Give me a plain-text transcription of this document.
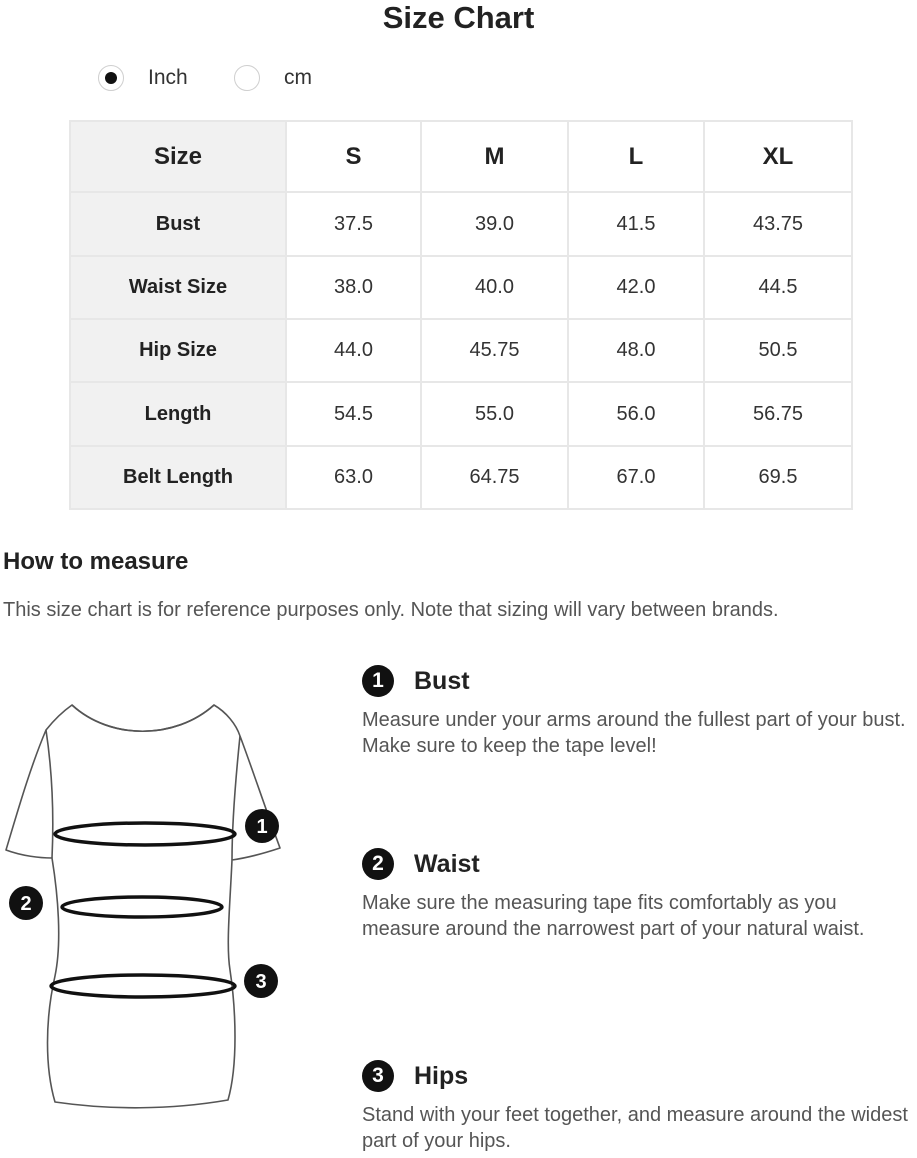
Size Chart
Inch	cm
Size	S	M	L	XL
Bust	37.5	39.0	41.5	43.75
Waist Size	38.0	40.0	42.0	44.5
Hip Size	44.0	45.75	48.0	50.5
Length	54.5	55.0	56.0	56.75
Belt Length	63.0	64.75	67.0	69.5
How to measure
This size chart is for reference purposes only. Note that sizing will vary between brands.
1
2
3
1	Bust
Measure under your arms around the fullest part of your bust. Make sure to keep the tape level!
2	Waist
Make sure the measuring tape fits comfortably as you measure around the narrowest part of your natural waist.
3	Hips
Stand with your feet together, and measure around the widest part of your hips.
